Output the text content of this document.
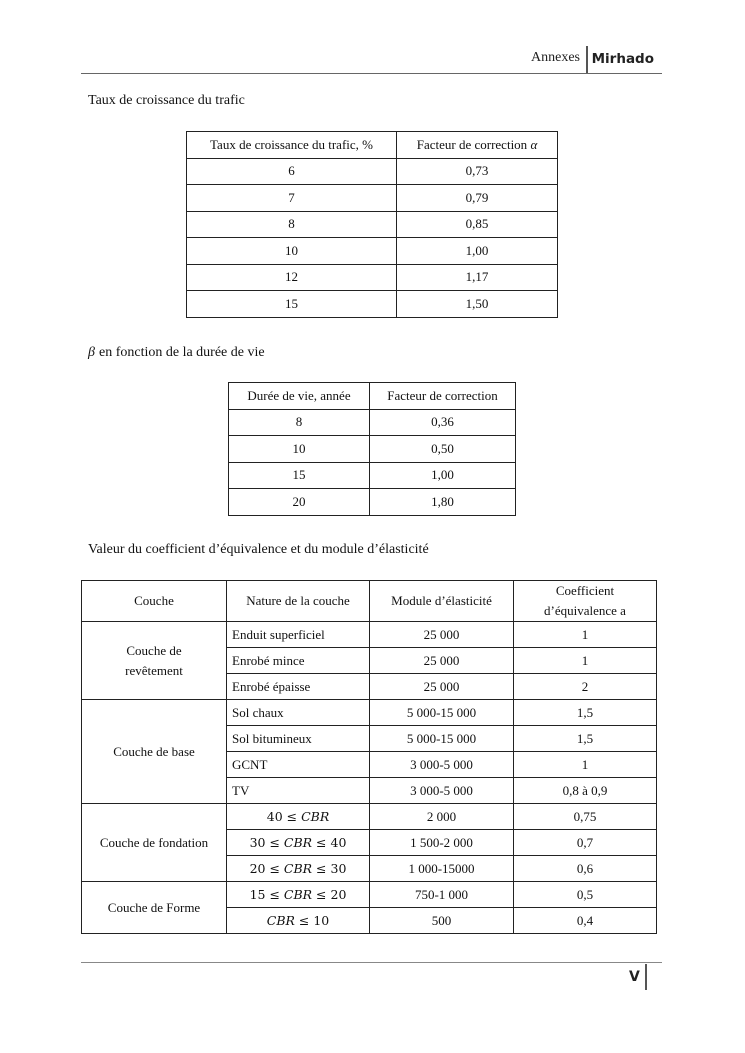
Annexes Mirhado
Taux de croissance du trafic
Taux de croissance du trafic, %	Facteur de correction α
6	0,73
7	0,79
8	0,85
10	1,00
12	1,17
15	1,50
β en fonction de la durée de vie
Durée de vie, année	Facteur de correction
8	0,36
10	0,50
15	1,00
20	1,80
Valeur du coefficient d’équivalence et du module d’élasticité
Couche	Nature de la couche	Module d’élasticité	Coefficient
d’équivalence a
Couche de
revêtement	Enduit superficiel	25 000	1
	Enrobé mince	25 000	1
	Enrobé épaisse	25 000	2
Couche de base	Sol chaux	5 000-15 000	1,5
	Sol bitumineux	5 000-15 000	1,5
	GCNT	3 000-5 000	1
	TV	3 000-5 000	0,8 à 0,9
Couche de fondation	40 ≤ CBR	2 000	0,75
	30 ≤ CBR ≤ 40	1 500-2 000	0,7
	20 ≤ CBR ≤ 30	1 000-15000	0,6
Couche de Forme	15 ≤ CBR ≤ 20	750-1 000	0,5
	CBR ≤ 10	500	0,4
V
